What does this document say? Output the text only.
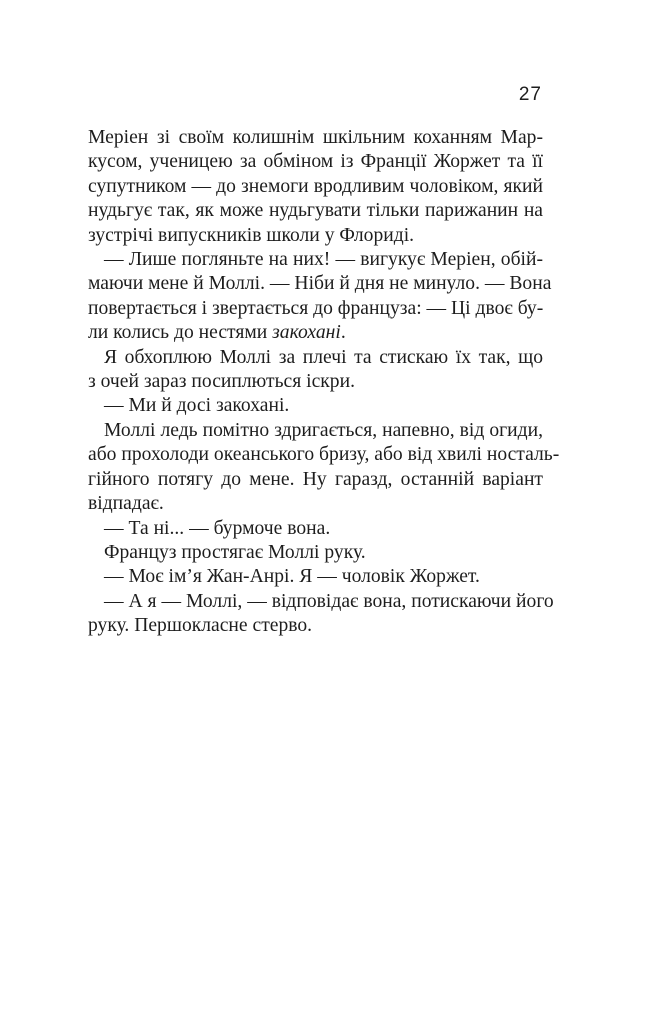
27
Меріен зі своїм колишнім шкільним коханням Мар-
кусом, ученицею за обміном із Франції Жоржет та її
супутником — до знемоги вродливим чоловіком, який
нудьгує так, як може нудьгувати тільки парижанин на
зустрічі випускників школи у Флориді.
— Лише погляньте на них! — вигукує Меріен, обій-
маючи мене й Моллі. — Ніби й дня не минуло. — Вона
повертається і звертається до француза: — Ці двоє бу-
ли колись до нестями закохані.
Я обхоплюю Моллі за плечі та стискаю їх так, що
з очей зараз посиплються іскри.
— Ми й досі закохані.
Моллі ледь помітно здригається, напевно, від огиди,
або прохолоди океанського бризу, або від хвилі носталь-
гійного потягу до мене. Ну гаразд, останній варіант
відпадає.
— Та ні... — бурмоче вона.
Француз простягає Моллі руку.
— Моє ім’я Жан-Анрі. Я — чоловік Жоржет.
— А я — Моллі, — відповідає вона, потискаючи його
руку. Першокласне стерво.
